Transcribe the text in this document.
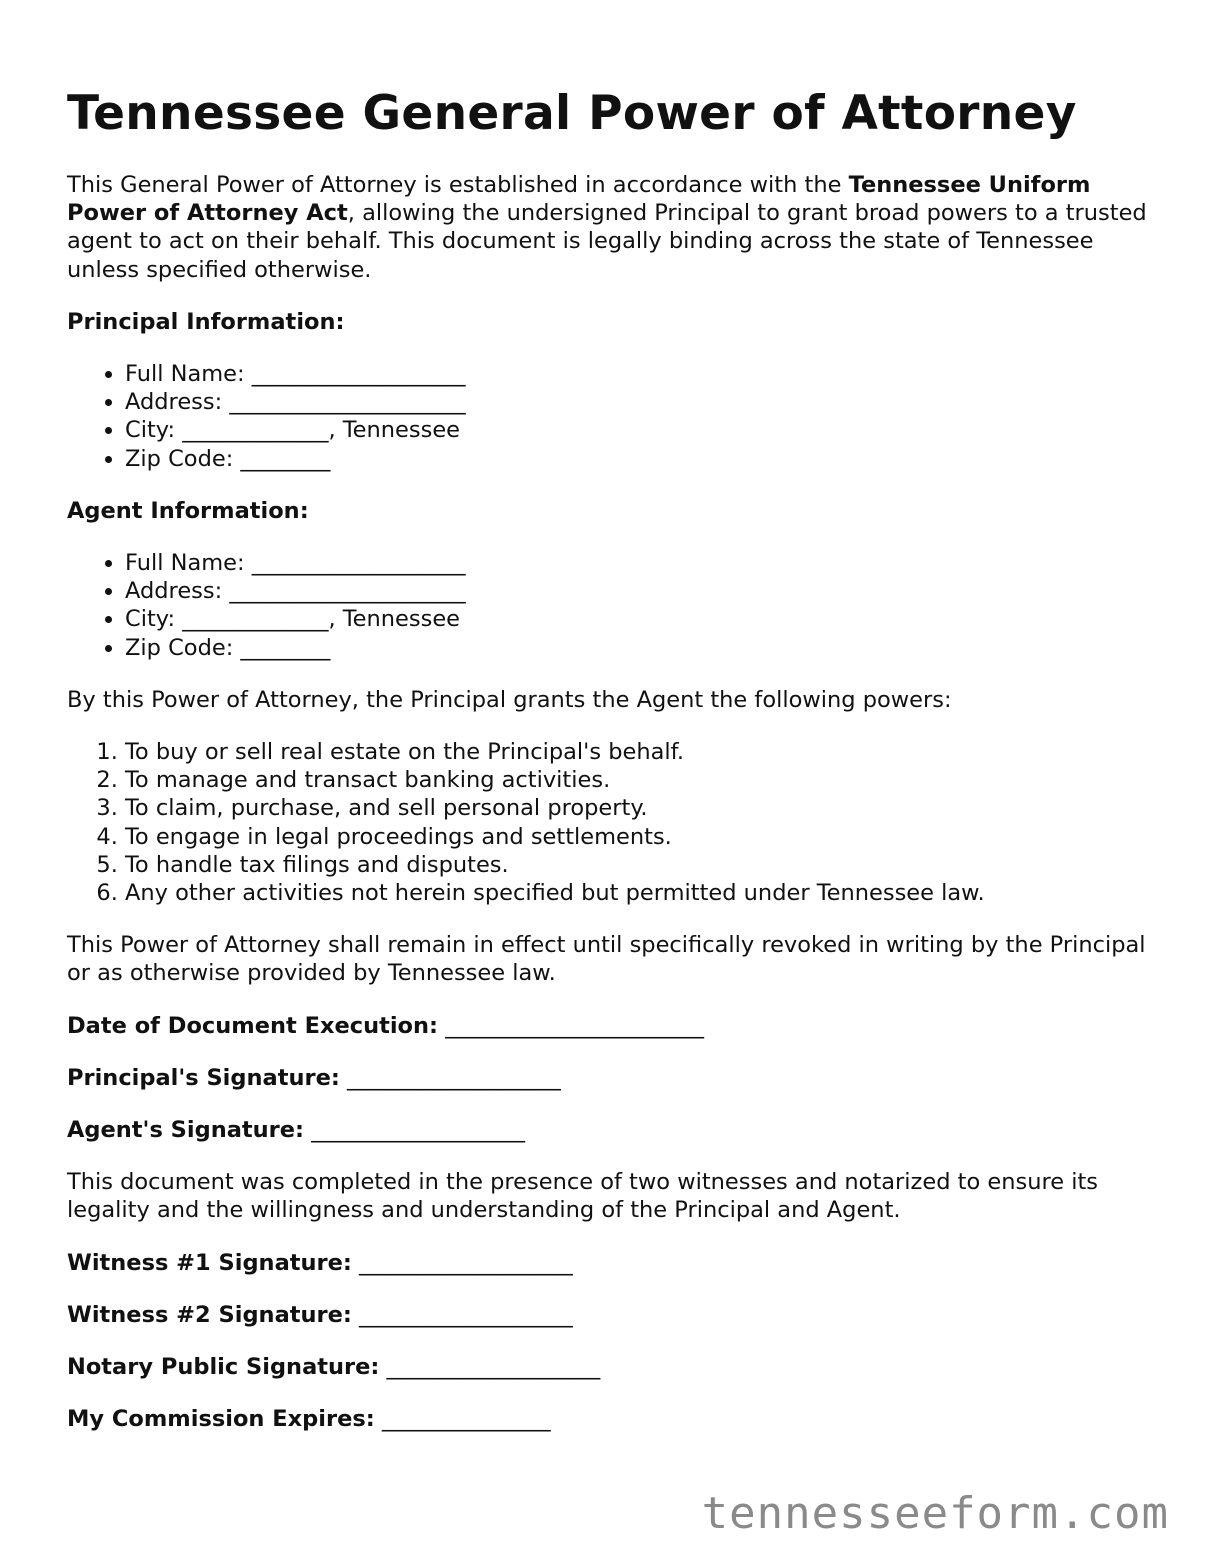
Tennessee General Power of Attorney

This General Power of Attorney is established in accordance with the Tennessee Uniform Power of Attorney Act, allowing the undersigned Principal to grant broad powers to a trusted agent to act on their behalf. This document is legally binding across the state of Tennessee unless specified otherwise.

Principal Information:

• Full Name: ___________________
• Address: _____________________
• City: _____________, Tennessee
• Zip Code: ________

Agent Information:

• Full Name: ___________________
• Address: _____________________
• City: _____________, Tennessee
• Zip Code: ________

By this Power of Attorney, the Principal grants the Agent the following powers:

1. To buy or sell real estate on the Principal's behalf.
2. To manage and transact banking activities.
3. To claim, purchase, and sell personal property.
4. To engage in legal proceedings and settlements.
5. To handle tax filings and disputes.
6. Any other activities not herein specified but permitted under Tennessee law.

This Power of Attorney shall remain in effect until specifically revoked in writing by the Principal or as otherwise provided by Tennessee law.

Date of Document Execution: _______________________

Principal's Signature: ___________________

Agent's Signature: ___________________

This document was completed in the presence of two witnesses and notarized to ensure its legality and the willingness and understanding of the Principal and Agent.

Witness #1 Signature: ___________________

Witness #2 Signature: ___________________

Notary Public Signature: ___________________

My Commission Expires: _______________

tennesseeform.com
